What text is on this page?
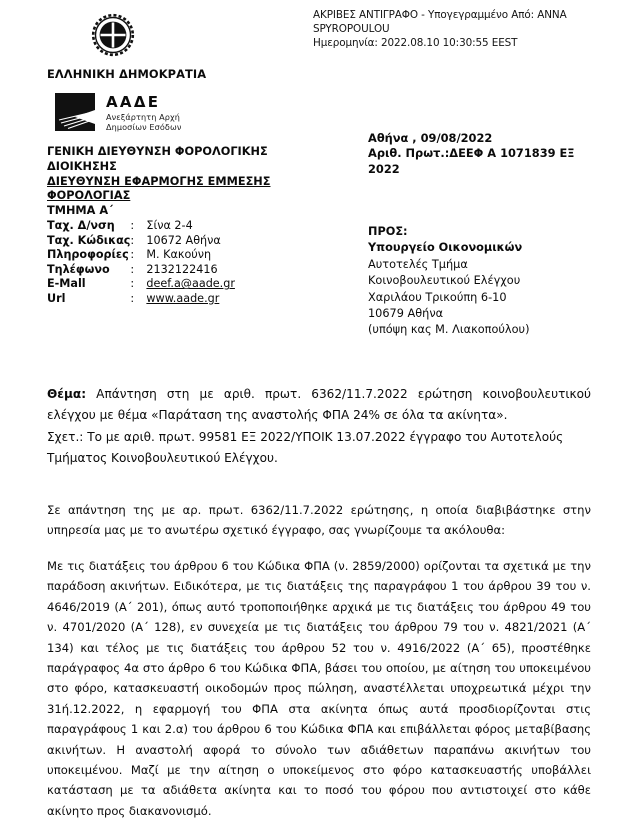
ΑΚΡΙΒΕΣ ΑΝΤΙΓΡΑΦΟ - Υπογεγραμμένο Από: ANNA SPYROPOULOU
Ημερομηνία: 2022.08.10 10:30:55 EEST
ΕΛΛΗΝΙΚΗ ΔΗΜΟΚΡΑΤΙΑ
ΑΑΔΕ
Ανεξάρτητη Αρχή
Δημοσίων Εσόδων
ΓΕΝΙΚΗ ΔΙΕΥΘΥΝΣΗ ΦΟΡΟΛΟΓΙΚΗΣ
ΔΙΟΙΚΗΣΗΣ
ΔΙΕΥΘΥΝΣΗ ΕΦΑΡΜΟΓΗΣ ΕΜΜΕΣΗΣ
ΦΟΡΟΛΟΓΙΑΣ
ΤΜΗΜΑ Α΄
Ταχ. Δ/νση	:	Σίνα 2-4
Ταχ. Κώδικας	:	10672 Αθήνα
Πληροφορίες	:	Μ. Κακούνη
Τηλέφωνο	:	2132122416
E-Mall	:	deef.a@aade.gr
Url	:	www.aade.gr
Αθήνα , 09/08/2022
Αριθ. Πρωτ.:ΔΕΕΦ Α 1071839 ΕΞ
2022
ΠΡΟΣ:
Υπουργείο Οικονομικών
Αυτοτελές Τμήμα
Κοινοβουλευτικού Ελέγχου
Χαριλάου Τρικούπη 6-10
10679 Αθήνα
(υπόψη κας Μ. Λιακοπούλου)
Θέμα: Απάντηση στη με αριθ. πρωτ. 6362/11.7.2022 ερώτηση κοινοβουλευτικού ελέγχου με θέμα «Παράταση της αναστολής ΦΠΑ 24% σε όλα τα ακίνητα».
Σχετ.: Το με αριθ. πρωτ. 99581 ΕΞ 2022/ΥΠΟΙΚ 13.07.2022 έγγραφο του Αυτοτελούς Τμήματος Κοινοβουλευτικού Ελέγχου.
Σε απάντηση της με αρ. πρωτ. 6362/11.7.2022 ερώτησης, η οποία διαβιβάστηκε στην υπηρεσία μας με το ανωτέρω σχετικό έγγραφο, σας γνωρίζουμε τα ακόλουθα:

Με τις διατάξεις του άρθρου 6 του Κώδικα ΦΠΑ (ν. 2859/2000) ορίζονται τα σχετικά με την παράδοση ακινήτων. Ειδικότερα, με τις διατάξεις της παραγράφου 1 του άρθρου 39 του ν. 4646/2019 (Α΄ 201), όπως αυτό τροποποιήθηκε αρχικά με τις διατάξεις του άρθρου 49 του ν. 4701/2020 (Α΄ 128), εν συνεχεία με τις διατάξεις του άρθρου 79 του ν. 4821/2021 (Α΄ 134) και τέλος με τις διατάξεις του άρθρου 52 του ν. 4916/2022 (Α΄ 65), προστέθηκε παράγραφος 4α στο άρθρο 6 του Κώδικα ΦΠΑ, βάσει του οποίου, με αίτηση του υποκειμένου στο φόρο, κατασκευαστή οικοδομών προς πώληση, αναστέλλεται υποχρεωτικά μέχρι την 31ή.12.2022, η εφαρμογή του ΦΠΑ στα ακίνητα όπως αυτά προσδιορίζονται στις παραγράφους 1 και 2.α) του άρθρου 6 του Κώδικα ΦΠΑ και επιβάλλεται φόρος μεταβίβασης ακινήτων. Η αναστολή αφορά το σύνολο των αδιάθετων παραπάνω ακινήτων του υποκειμένου. Μαζί με την αίτηση ο υποκείμενος στο φόρο κατασκευαστής υποβάλλει κατάσταση με τα αδιάθετα ακίνητα και το ποσό του φόρου που αντιστοιχεί στο κάθε ακίνητο προς διακανονισμό.
